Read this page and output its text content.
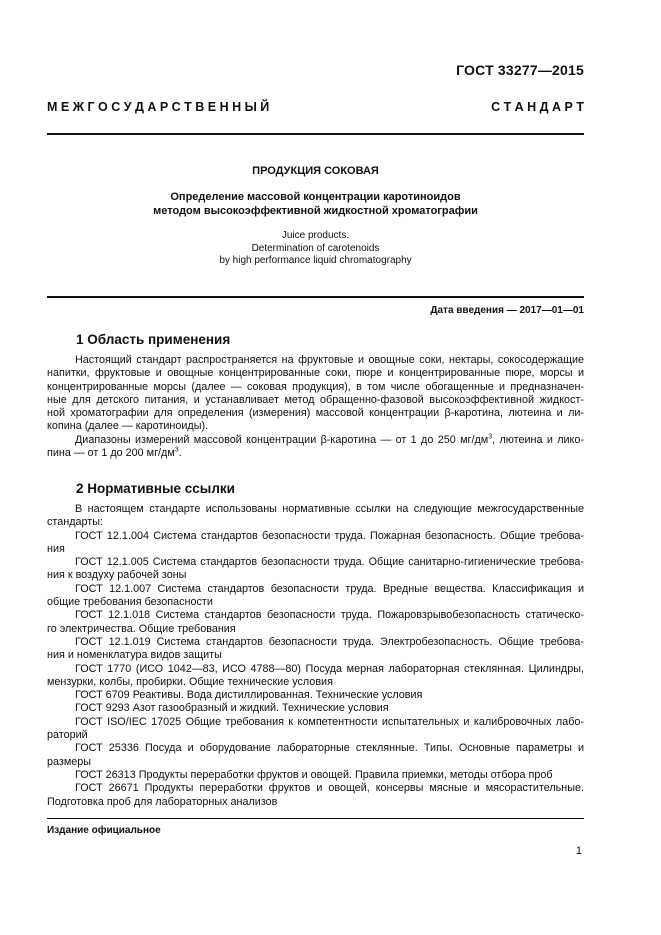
ГОСТ 33277—2015
М Е Ж Г О С У Д А Р С Т В Е Н Н Ы Й	С Т А Н Д А Р Т
ПРОДУКЦИЯ СОКОВАЯ
Определение массовой концентрации каротиноидов
методом высокоэффективной жидкостной хроматографии
Juice products.
Determination of carotenoids
by high performance liquid chromatography
Дата введения — 2017—01—01
1 Область применения
Настоящий стандарт распространяется на фруктовые и овощные соки, нектары, сокосодержащие
напитки, фруктовые и овощные концентрированные соки, пюре и концентрированные пюре, морсы и
концентрированные морсы (далее — соковая продукция), в том числе обогащенные и предназначен-
ные для детского питания, и устанавливает метод обращенно-фазовой высокоэффективной жидкост-
ной хроматографии для определения (измерения) массовой концентрации β-каротина, лютеина и ли-
копина (далее — каротиноиды).
Диапазоны измерений массовой концентрации β-каротина — от 1 до 250 $мг/дм^3$, лютеина и лико-
пина — от 1 до 200 $мг/дм^3$.
2 Нормативные ссылки
В настоящем стандарте использованы нормативные ссылки на следующие межгосударственные
стандарты:
ГОСТ 12.1.004 Система стандартов безопасности труда. Пожарная безопасность. Общие требова-
ния
ГОСТ 12.1.005 Система стандартов безопасности труда. Общие санитарно-гигиенические требова-
ния к воздуху рабочей зоны
ГОСТ 12.1.007 Система стандартов безопасности труда. Вредные вещества. Классификация и
общие требования безопасности
ГОСТ 12.1.018 Система стандартов безопасности труда. Пожаровзрывобезопасность статическо-
го электричества. Общие требования
ГОСТ 12.1.019 Система стандартов безопасности труда. Электробезопасность. Общие требова-
ния и номенклатура видов защиты
ГОСТ 1770 (ИСО 1042—83, ИСО 4788—80) Посуда мерная лабораторная стеклянная. Цилиндры,
мензурки, колбы, пробирки. Общие технические условия
ГОСТ 6709 Реактивы. Вода дистиллированная. Технические условия
ГОСТ 9293 Азот газообразный и жидкий. Технические условия
ГОСТ ISO/IEC 17025 Общие требования к компетентности испытательных и калибровочных лабо-
раторий
ГОСТ 25336 Посуда и оборудование лабораторные стеклянные. Типы. Основные параметры и
размеры
ГОСТ 26313 Продукты переработки фруктов и овощей. Правила приемки, методы отбора проб
ГОСТ 26671 Продукты переработки фруктов и овощей, консервы мясные и мясорастительные.
Подготовка проб для лабораторных анализов
Издание официальное
1
